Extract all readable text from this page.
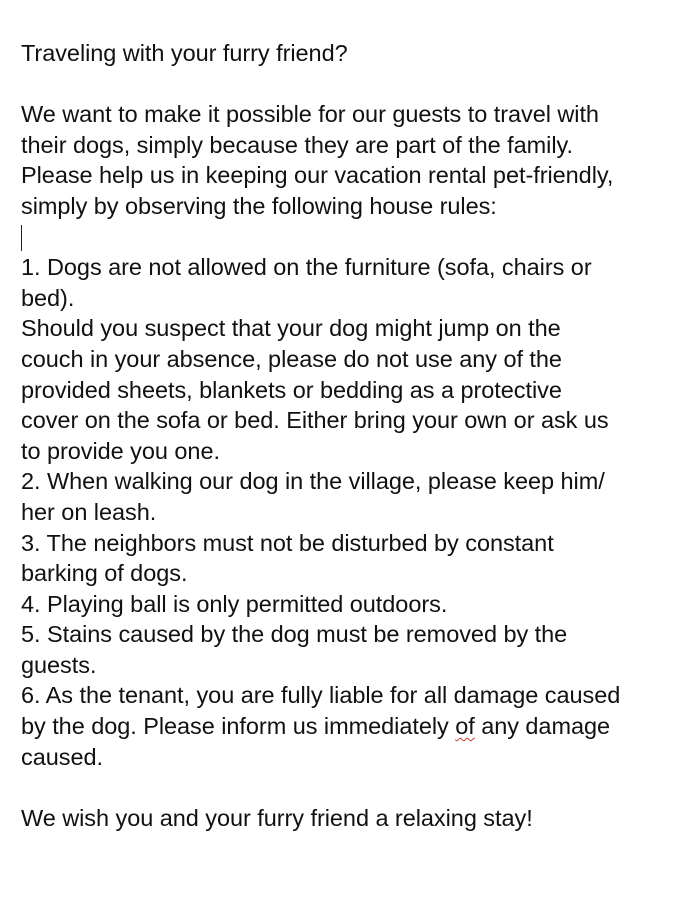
Traveling with your furry friend?
We want to make it possible for our guests to travel with
their dogs, simply because they are part of the family.
Please help us in keeping our vacation rental pet-friendly,
simply by observing the following house rules:
1. Dogs are not allowed on the furniture (sofa, chairs or
bed).
Should you suspect that your dog might jump on the
couch in your absence, please do not use any of the
provided sheets, blankets or bedding as a protective
cover on the sofa or bed. Either bring your own or ask us
to provide you one.
2. When walking our dog in the village, please keep him/
her on leash.
3. The neighbors must not be disturbed by constant
barking of dogs.
4. Playing ball is only permitted outdoors.
5. Stains caused by the dog must be removed by the
guests.
6. As the tenant, you are fully liable for all damage caused
by the dog. Please inform us immediately of any damage
caused.
We wish you and your furry friend a relaxing stay!
